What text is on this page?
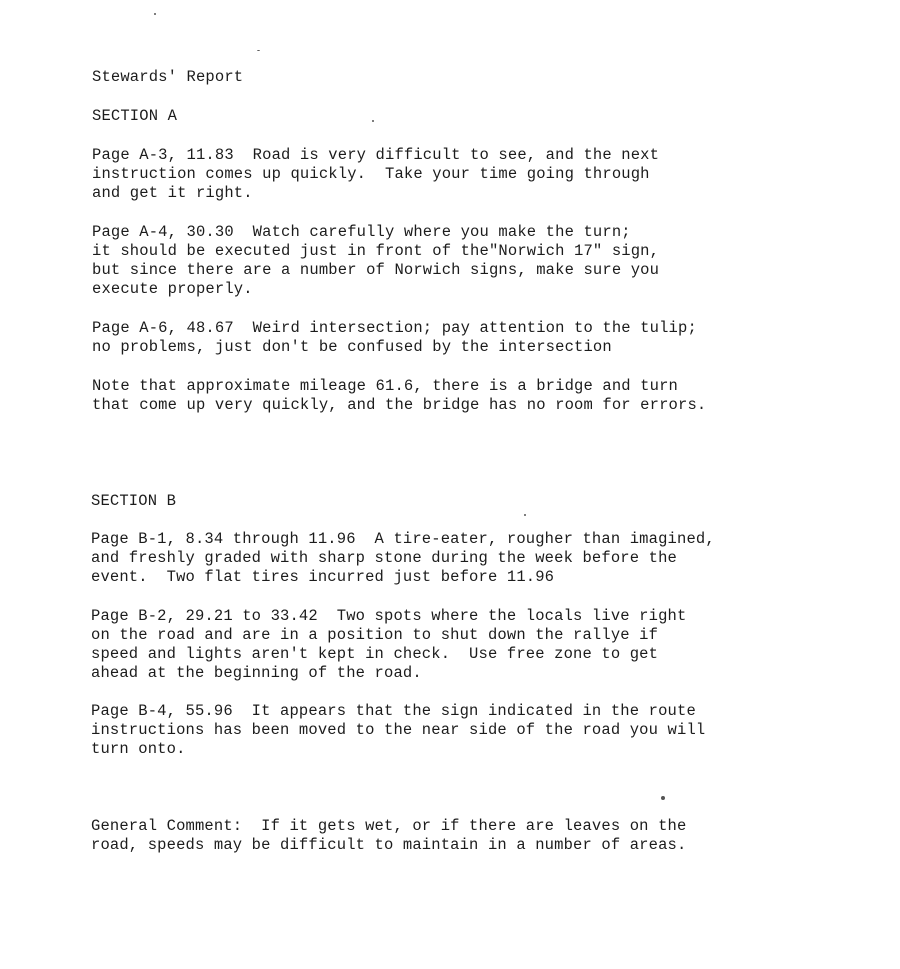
Stewards' Report
SECTION A
Page A-3, 11.83  Road is very difficult to see, and the next
instruction comes up quickly.  Take your time going through
and get it right.
Page A-4, 30.30  Watch carefully where you make the turn;
it should be executed just in front of the"Norwich 17" sign,
but since there are a number of Norwich signs, make sure you
execute properly.
Page A-6, 48.67  Weird intersection; pay attention to the tulip;
no problems, just don't be confused by the intersection
Note that approximate mileage 61.6, there is a bridge and turn
that come up very quickly, and the bridge has no room for errors.
SECTION B
Page B-1, 8.34 through 11.96  A tire-eater, rougher than imagined,
and freshly graded with sharp stone during the week before the
event.  Two flat tires incurred just before 11.96
Page B-2, 29.21 to 33.42  Two spots where the locals live right
on the road and are in a position to shut down the rallye if
speed and lights aren't kept in check.  Use free zone to get
ahead at the beginning of the road.
Page B-4, 55.96  It appears that the sign indicated in the route
instructions has been moved to the near side of the road you will
turn onto.
General Comment:  If it gets wet, or if there are leaves on the
road, speeds may be difficult to maintain in a number of areas.
